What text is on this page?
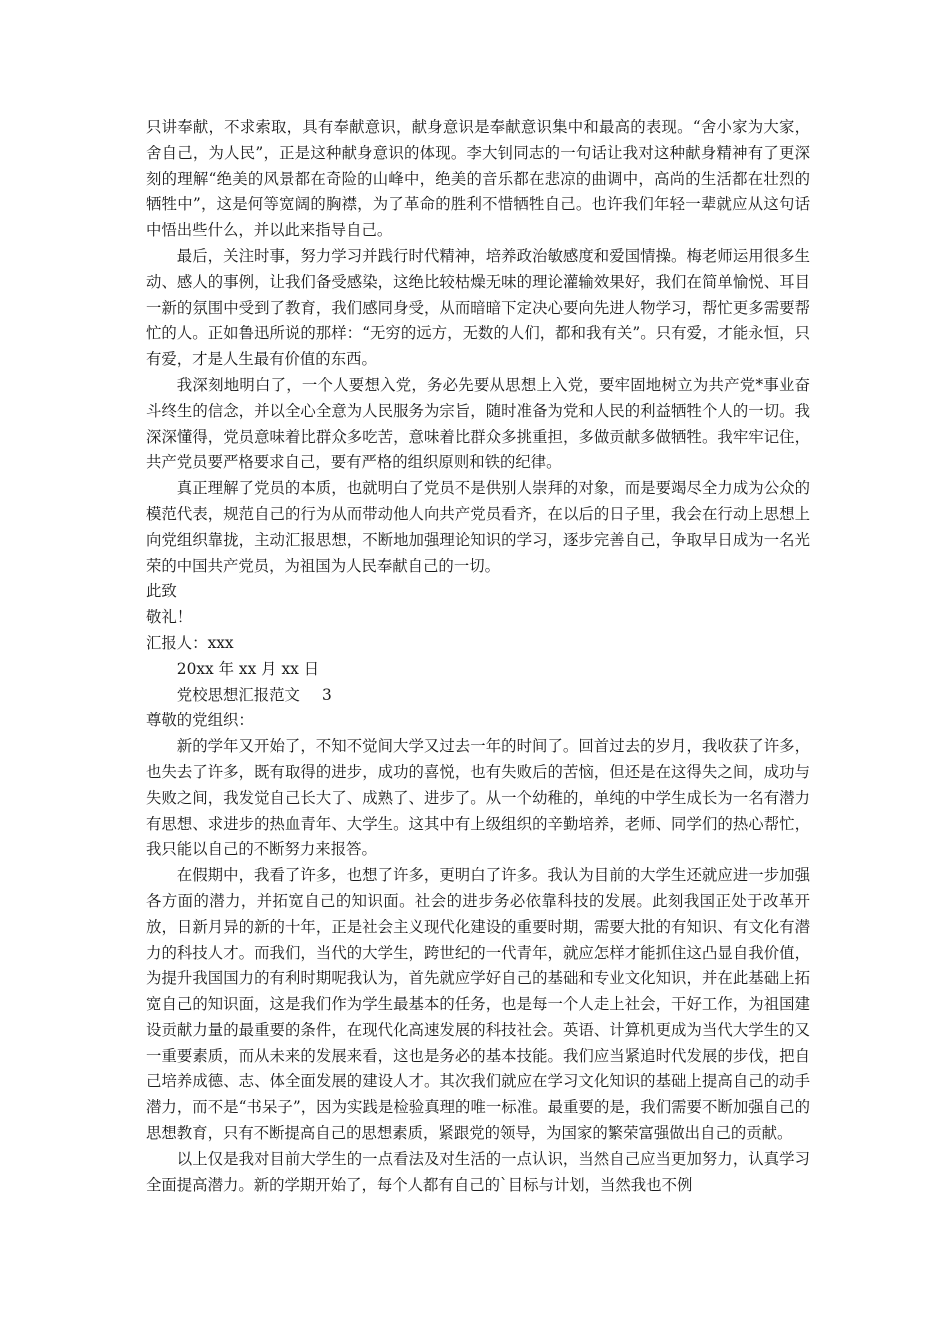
只讲奉献，不求索取，具有奉献意识，献身意识是奉献意识集中和最高的表现。“舍小家为大家，舍自己，为人民”，正是这种献身意识的体现。李大钊同志的一句话让我对这种献身精神有了更深刻的理解“绝美的风景都在奇险的山峰中，绝美的音乐都在悲凉的曲调中，高尚的生活都在壮烈的牺牲中”，这是何等宽阔的胸襟，为了革命的胜利不惜牺牲自己。也许我们年轻一辈就应从这句话中悟出些什么，并以此来指导自己。

最后，关注时事，努力学习并践行时代精神，培养政治敏感度和爱国情操。梅老师运用很多生动、感人的事例，让我们备受感染，这绝比较枯燥无味的理论灌输效果好，我们在简单愉悦、耳目一新的氛围中受到了教育，我们感同身受，从而暗暗下定决心要向先进人物学习，帮忙更多需要帮忙的人。正如鲁迅所说的那样：“无穷的远方，无数的人们，都和我有关”。只有爱，才能永恒，只有爱，才是人生最有价值的东西。

我深刻地明白了，一个人要想入党，务必先要从思想上入党，要牢固地树立为共产党*事业奋斗终生的信念，并以全心全意为人民服务为宗旨，随时准备为党和人民的利益牺牲个人的一切。我深深懂得，党员意味着比群众多吃苦，意味着比群众多挑重担，多做贡献多做牺牲。我牢牢记住，共产党员要严格要求自己，要有严格的组织原则和铁的纪律。

真正理解了党员的本质，也就明白了党员不是供别人崇拜的对象，而是要竭尽全力成为公众的模范代表，规范自己的行为从而带动他人向共产党员看齐，在以后的日子里，我会在行动上思想上向党组织靠拢，主动汇报思想，不断地加强理论知识的学习，逐步完善自己，争取早日成为一名光荣的中国共产党员，为祖国为人民奉献自己的一切。

此致

敬礼！

汇报人：xxx

20xx 年 xx 月 xx 日

党校思想汇报范文 3

尊敬的党组织：

新的学年又开始了，不知不觉间大学又过去一年的时间了。回首过去的岁月，我收获了许多，也失去了许多，既有取得的进步，成功的喜悦，也有失败后的苦恼，但还是在这得失之间，成功与失败之间，我发觉自己长大了、成熟了、进步了。从一个幼稚的，单纯的中学生成长为一名有潜力有思想、求进步的热血青年、大学生。这其中有上级组织的辛勤培养，老师、同学们的热心帮忙，我只能以自己的不断努力来报答。

在假期中，我看了许多，也想了许多，更明白了许多。我认为目前的大学生还就应进一步加强各方面的潜力，并拓宽自己的知识面。社会的进步务必依靠科技的发展。此刻我国正处于改革开放，日新月异的新的十年，正是社会主义现代化建设的重要时期，需要大批的有知识、有文化有潜力的科技人才。而我们，当代的大学生，跨世纪的一代青年，就应怎样才能抓住这凸显自我价值，为提升我国国力的有利时期呢我认为，首先就应学好自己的基础和专业文化知识，并在此基础上拓宽自己的知识面，这是我们作为学生最基本的任务，也是每一个人走上社会，干好工作，为祖国建设贡献力量的最重要的条件，在现代化高速发展的科技社会。英语、计算机更成为当代大学生的又一重要素质，而从未来的发展来看，这也是务必的基本技能。我们应当紧追时代发展的步伐，把自己培养成德、志、体全面发展的建设人才。其次我们就应在学习文化知识的基础上提高自己的动手潜力，而不是“书呆子”，因为实践是检验真理的唯一标准。最重要的是，我们需要不断加强自己的思想教育，只有不断提高自己的思想素质，紧跟党的领导，为国家的繁荣富强做出自己的贡献。

以上仅是我对目前大学生的一点看法及对生活的一点认识，当然自己应当更加努力，认真学习全面提高潜力。新的学期开始了，每个人都有自己的`目标与计划，当然我也不例
